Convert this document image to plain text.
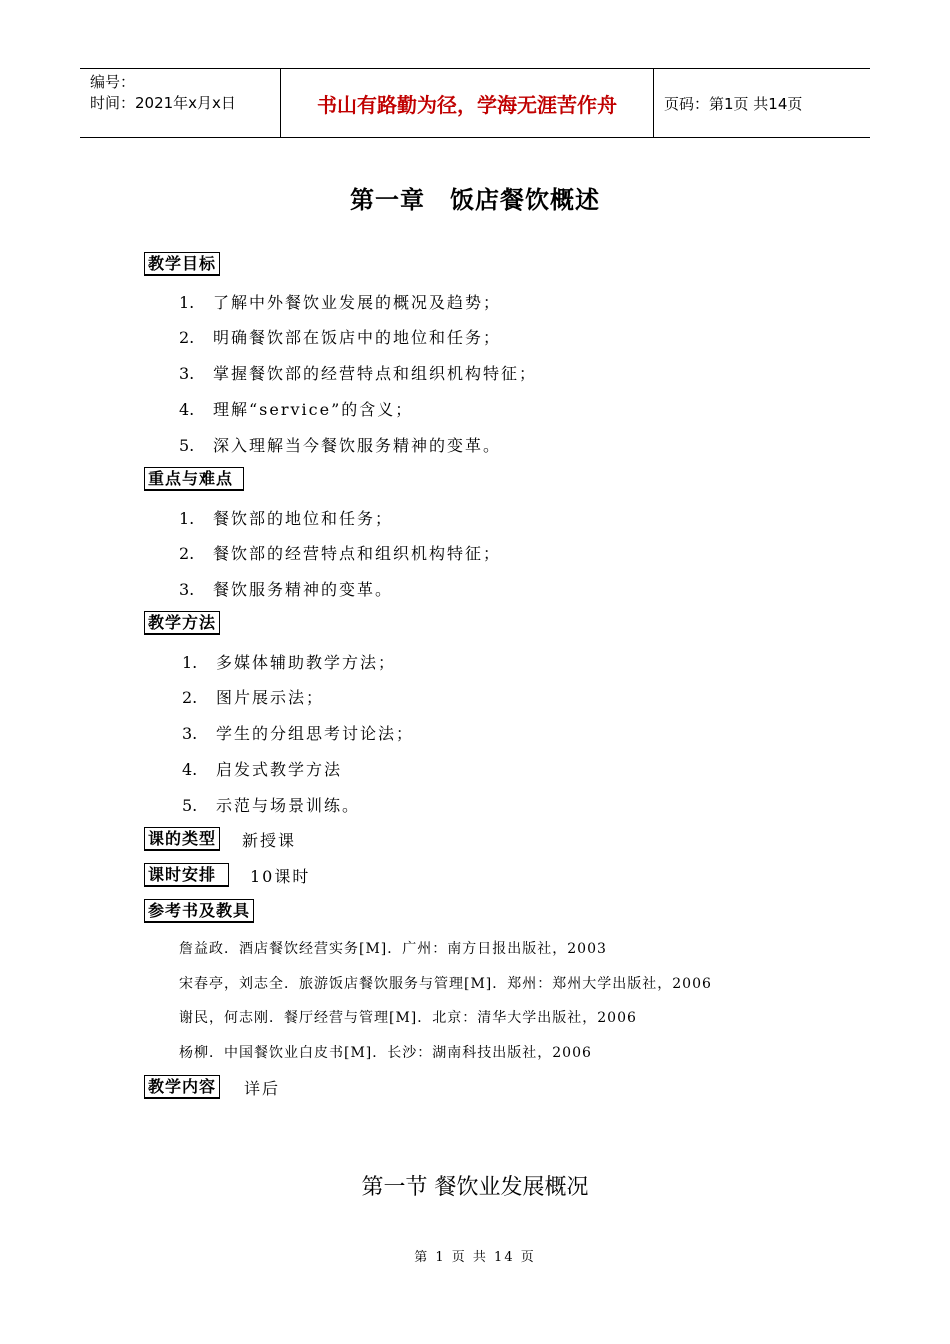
编号：
时间：2021年x月x日	书山有路勤为径，学海无涯苦作舟	页码：第1页 共14页
第一章　饭店餐饮概述
教学目标
1. 了解中外餐饮业发展的概况及趋势；
2. 明确餐饮部在饭店中的地位和任务；
3. 掌握餐饮部的经营特点和组织机构特征；
4. 理解“service”的含义；
5. 深入理解当今餐饮服务精神的变革。
重点与难点
1. 餐饮部的地位和任务；
2. 餐饮部的经营特点和组织机构特征；
3. 餐饮服务精神的变革。
教学方法
1. 多媒体辅助教学方法；
2. 图片展示法；
3. 学生的分组思考讨论法；
4. 启发式教学方法
5. 示范与场景训练。
课的类型 新授课
课时安排	10课时
参考书及教具
詹益政．酒店餐饮经营实务[M]．广州：南方日报出版社，2003
宋春亭，刘志全．旅游饭店餐饮服务与管理[M]．郑州：郑州大学出版社，2006
谢民，何志刚．餐厅经营与管理[M]．北京：清华大学出版社，2006
杨柳．中国餐饮业白皮书[M]．长沙：湖南科技出版社，2006
教学内容 详后
第一节 餐饮业发展概况
第 1 页 共 14 页
